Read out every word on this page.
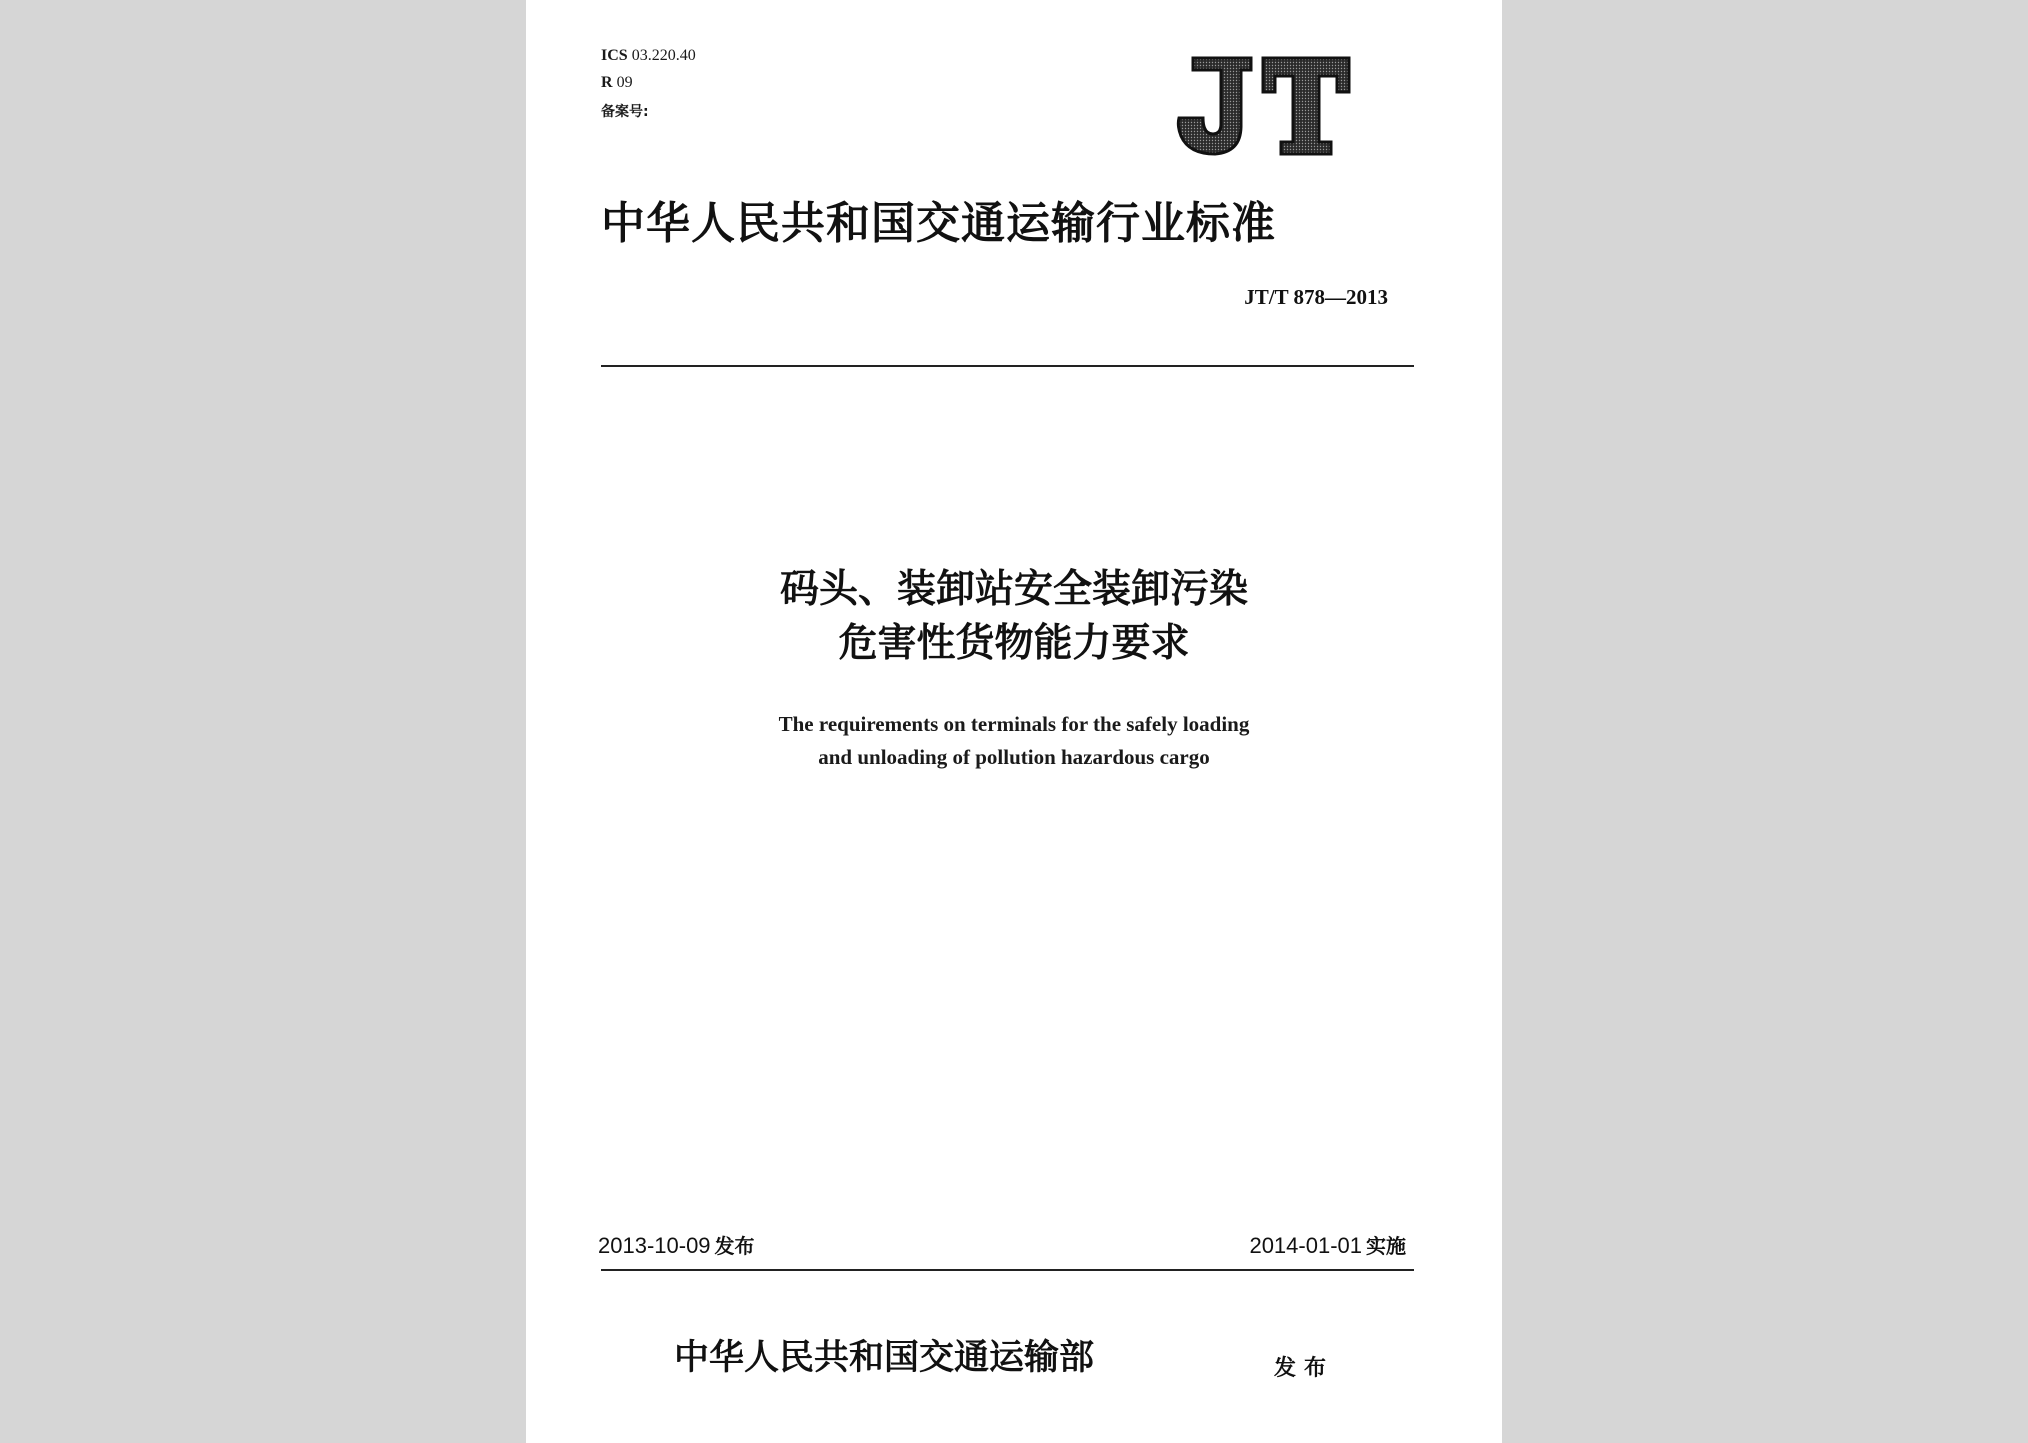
ICS 03.220.40
R 09
备案号:
中华人民共和国交通运输行业标准
JT/T 878—2013
码头、装卸站安全装卸污染
危害性货物能力要求
The requirements on terminals for the safely loading
and unloading of pollution hazardous cargo
2013-10-09 发布	2014-01-01 实施
中华人民共和国交通运输部	发布
